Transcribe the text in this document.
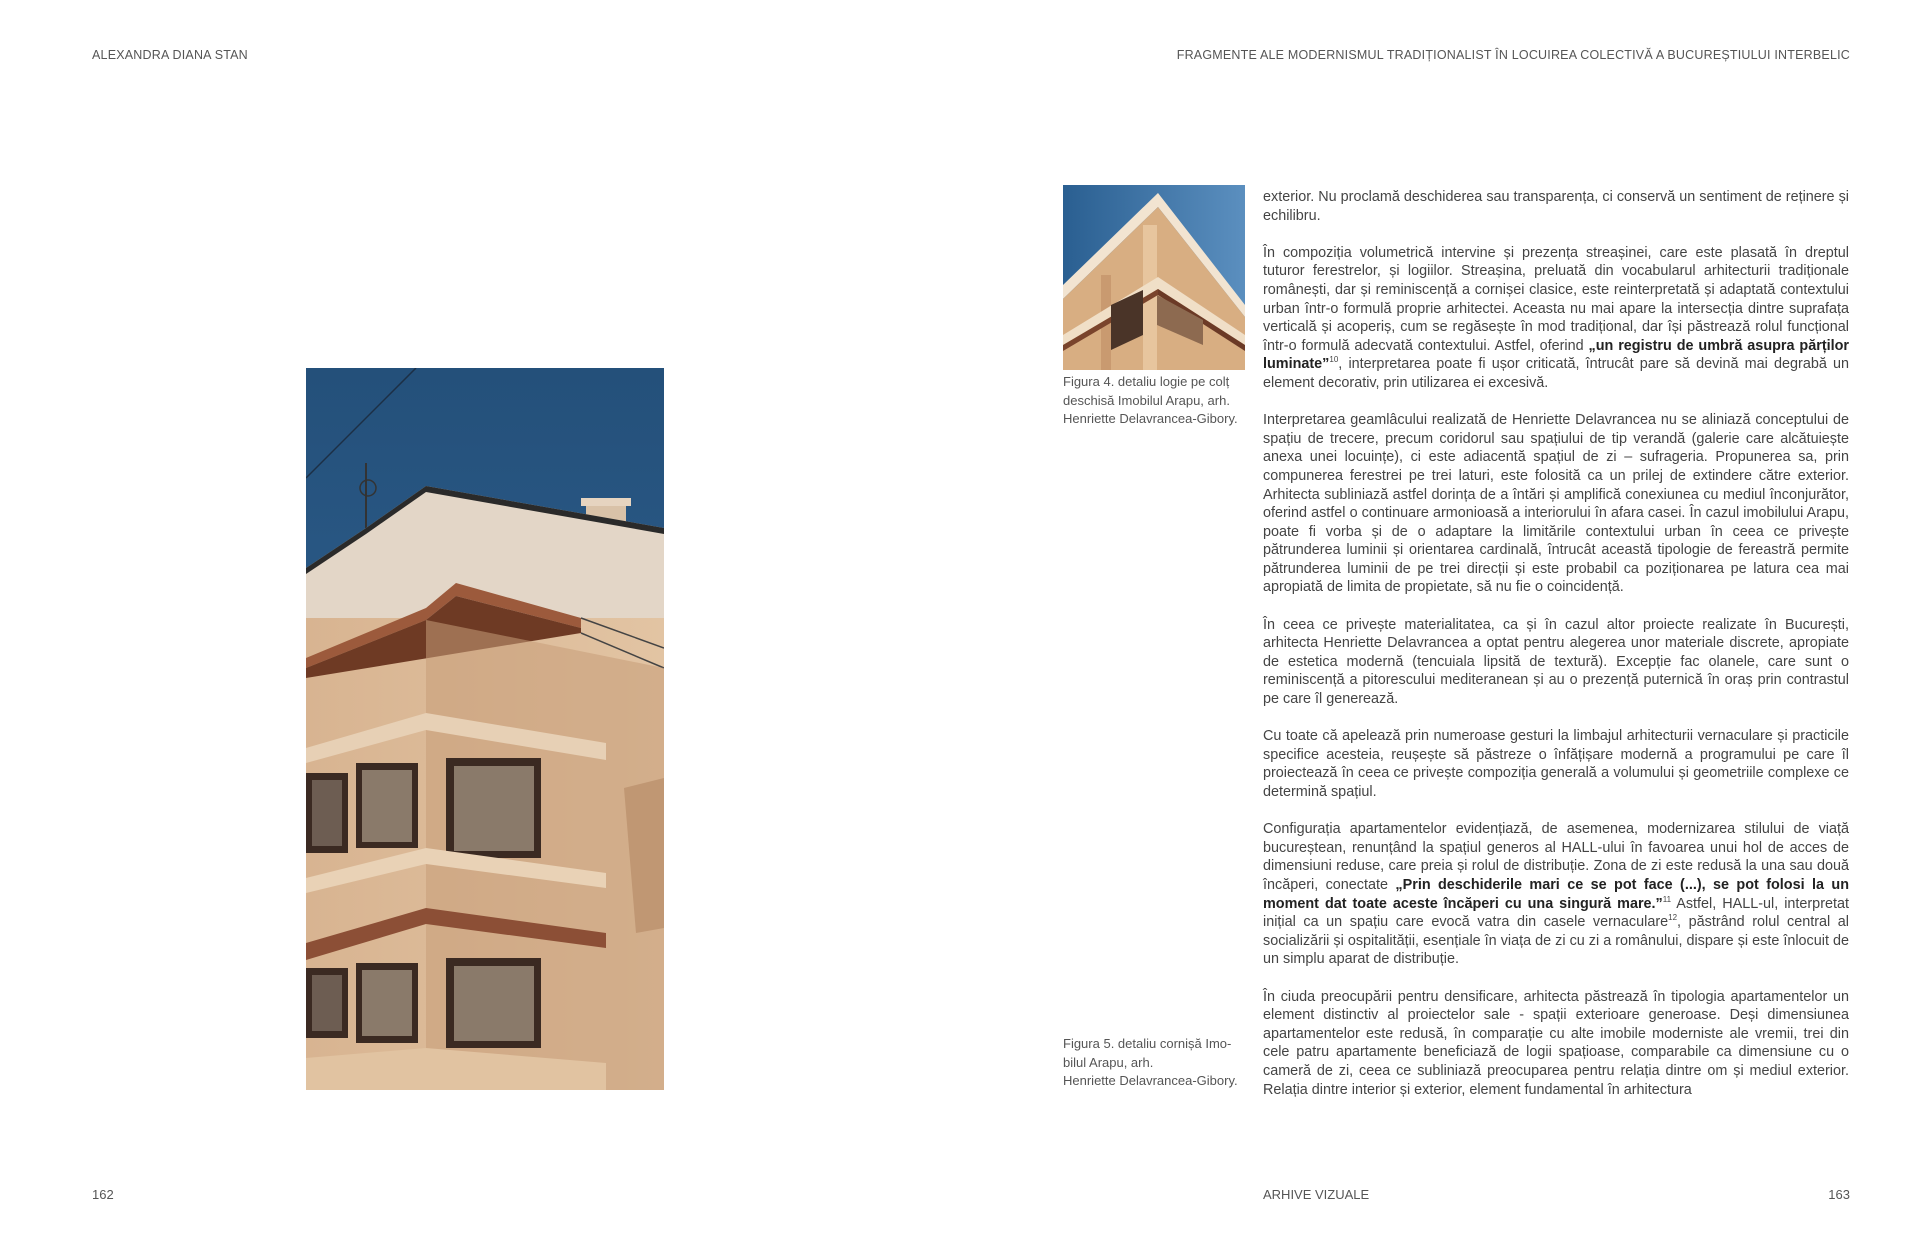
ALEXANDRA DIANA STAN	FRAGMENTE ALE MODERNISMUL TRADIȚIONALIST ÎN LOCUIREA COLECTIVĂ A BUCUREȘTIULUI INTERBELIC
Figura 4. detaliu logie pe colț
deschisă Imobilul Arapu, arh.
Henriette Delavrancea-Gibory.
Figura 5. detaliu cornișă Imo-
bilul Arapu, arh.
Henriette Delavrancea-Gibory.

exterior. Nu proclamă deschiderea sau transparența, ci conservă un sentiment de reținere și echilibru.

În compoziția volumetrică intervine și prezența streașinei, care este plasată în dreptul tuturor ferestrelor, și logiilor. Streașina, preluată din vocabularul arhitecturii tradiționale românești, dar și reminiscență a cornișei clasice, este reinterpretată și adaptată contextului urban într-o formulă proprie arhitectei. Aceasta nu mai apare la intersecția dintre suprafața verticală și acoperiș, cum se regăsește în mod tradițional, dar își păstrează rolul funcțional într-o formulă adecvată contextului. Astfel, oferind „un registru de umbră asupra părților luminate”$^{10}$, interpretarea poate fi ușor criticată, întrucât pare să devină mai degrabă un element decorativ, prin utilizarea ei excesivă.

Interpretarea geamlâcului realizată de Henriette Delavrancea nu se aliniază conceptului de spațiu de trecere, precum coridorul sau spațiului de tip verandă (galerie care alcătuiește anexa unei locuințe), ci este adiacentă spațiul de zi – sufrageria. Propunerea sa, prin compunerea ferestrei pe trei laturi, este folosită ca un prilej de extindere către exterior. Arhitecta subliniază astfel dorința de a întări și amplifică conexiunea cu mediul înconjurător, oferind astfel o continuare armonioasă a interiorului în afara casei. În cazul imobilului Arapu, poate fi vorba și de o adaptare la limitările contextului urban în ceea ce privește pătrunderea luminii și orientarea cardinală, întrucât această tipologie de fereastră permite pătrunderea luminii de pe trei direcții și este probabil ca poziționarea pe latura cea mai apropiată de limita de propietate, să nu fie o coincidență.

În ceea ce privește materialitatea, ca și în cazul altor proiecte realizate în București, arhitecta Henriette Delavrancea a optat pentru alegerea unor materiale discrete, apropiate de estetica modernă (tencuiala lipsită de textură). Excepție fac olanele, care sunt o reminiscență a pitorescului mediteranean și au o prezență puternică în oraș prin contrastul pe care îl generează.

Cu toate că apelează prin numeroase gesturi la limbajul arhitecturii vernaculare și practicile specifice acesteia, reușește să păstreze o înfățișare modernă a programului pe care îl proiectează în ceea ce privește compoziția generală a volumului și geometriile complexe ce determină spațiul.

Configurația apartamentelor evidențiază, de asemenea, modernizarea stilului de viață bucureștean, renunțând la spațiul generos al HALL-ului în favoarea unui hol de acces de dimensiuni reduse, care preia și rolul de distribuție. Zona de zi este redusă la una sau două încăperi, conectate „Prin deschiderile mari ce se pot face (...), se pot folosi la un moment dat toate aceste încăperi cu una singură mare.”$^{11}$ Astfel, HALL-ul, interpretat inițial ca un spațiu care evocă vatra din casele vernaculare$^{12}$, păstrând rolul central al socializării și ospitalității, esențiale în viața de zi cu zi a românului, dispare și este înlocuit de un simplu aparat de distribuție.

În ciuda preocupării pentru densificare, arhitecta păstrează în tipologia apartamentelor un element distinctiv al proiectelor sale - spații exterioare generoase. Deși dimensiunea apartamentelor este redusă, în comparație cu alte imobile moderniste ale vremii, trei din cele patru apartamente beneficiază de logii spațioase, comparabile ca dimensiune cu o cameră de zi, ceea ce subliniază preocuparea pentru relația dintre om și mediul exterior. Relația dintre interior și exterior, element fundamental în arhitectura

162	ARHIVE VIZUALE	163
